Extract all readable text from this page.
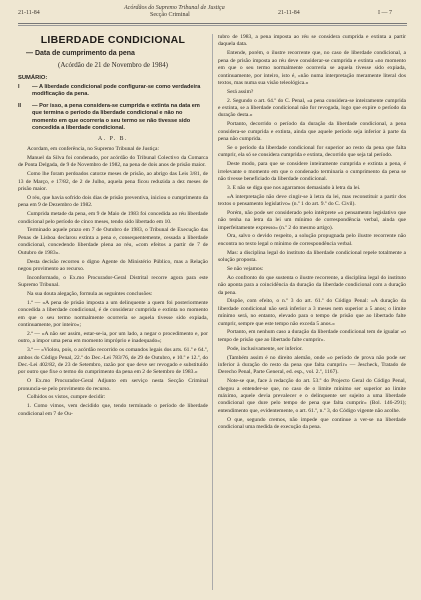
21-11-84
Acórdãos do Supremo Tribunal de Justiça
Secção Criminal	21-11-84	I — 7
LIBERDADE CONDICIONAL
— Data de cumprimento da pena
(Acórdão de 21 de Novembro de 1984)
SUMÁRIO:
I	— A liberdade condicional pode configurar-se como verdadeira modificação da pena.
II	— Por isso, a pena considera-se cumprida e extinta na data em que termina o período da liberdade condicional e não no momento em que ocorreria o seu termo se não tivesse sido concedida a liberdade condicional.
A. P. B.

Acordam, em conferência, no Supremo Tribunal de Justiça:

Manuel da Silva foi condenado, por acórdão do Tribunal Colectivo da Comarca de Ponta Delgada, de 9 de Novembro de 1982, na pena de dois anos de prisão maior.

Como lhe foram perdoados catorze meses de prisão, ao abrigo das Leis 3/81, de 13 de Março, e 17/82, de 2 de Julho, aquela pena ficou reduzida a dez meses de prisão maior.

O réu, que havia sofrido dois dias de prisão preventiva, iniciou o cumprimento da pena em 9 de Dezembro de 1982.

Cumprida metade da pena, em 9 de Maio de 1983 foi concedida ao réu liberdade condicional pelo período de cinco meses, tendo sido libertado em 10.

Terminado aquele prazo em 7 de Outubro de 1983, o Tribunal de Execução das Penas de Lisboa declarou extinta a pena e, consequentemente, cessada a liberdade condicional, concedendo liberdade plena ao réu, «com efeitos a partir de 7 de Outubro de 1983».

Desta decisão recorreu o digno Agente do Ministério Público, mas a Relação negou provimento ao recurso.

Inconformado, o Ex.mo Procurador-Geral Distrital recorre agora para este Supremo Tribunal.

Na sua douta alegação, formula as seguintes conclusões:

1.ª — «A pena de prisão imposta a um delinquente a quem foi posteriormente concedida a liberdade condicional, é de considerar cumprida e extinta no momento em que o seu termo normalmente ocorreria se aquela tivesse sido expiada, continuamente, por inteiro»;

2.ª — «A não ser assim, estar-se-ia, por um lado, a negar o procedimento e, por outro, a impor uma pena em momento impróprio e inadequado»;

3.ª — «Violou, pois, o acórdão recorrido os comandos legais dos arts. 61.º e 64.º, ambos do Código Penal, 22.º do Dec.-Lei 783/76, de 29 de Outubro, e 10.º e 12.º, do Dec.-Lei 402/82, de 23 de Setembro, razão por que deve ser revogado e substituído por outro que fixe o termo do cumprimento da pena em 2 de Setembro de 1983.»

O Ex.mo Procurador-Geral Adjunto em serviço nesta Secção Criminal pronuncia-se pelo provimento do recurso.

Colhidos os vistos, cumpre decidir:

1. Como vimos, vem decidido que, tendo terminado o período de liberdade condicional em 7 de Ou-

tubro de 1983, a pena imposta ao réu se considera cumprida e extinta a partir daquela data.

Entende, porém, o ilustre recorrente que, no caso de liberdade condicional, a pena de prisão imposta ao réu deve considerar-se cumprida e extinta «no momento em que o seu termo normalmente ocorreria se aquela tivesse sido expiada, continuamente, por inteiro, isto é, «não numa interpretação meramente literal dos textos, mas numa sua visão teleológica.»

Será assim?

2. Segundo o art. 64.º do C. Penal, «a pena considera-se inteiramente cumprida e extinta, se a liberdade condicional não for revogada, logo que expire o período da duração desta.»

Portanto, decorrido o período da duração da liberdade condicional, a pena considera-se cumprida e extinta, ainda que aquele período seja inferior à parte da pena não cumprida.

Se o período da liberdade condicional for superior ao resto da pena que falta cumprir, ela só se considera cumprida e extinta, decorrido que seja tal período.

Deste modo, para que se considere inteiramente cumprida e extinta a pena, é irrelevante o momento em que o condenado terminaria o cumprimento da pena se não tivesse beneficiado da liberdade condicional.

3. E não se diga que nos agarramos demasiado à letra da lei.

«A interpretação não deve cingir-se à letra da lei, mas reconstituir a partir dos textos o pensamento legislativo» (n.º 1 do art. 9.º do C. Civil).

Porém, não pode ser considerado pelo intérprete «o pensamento legislativo que não tenha na letra da lei um mínimo de correspondência verbal, ainda que imperfeitamente expresso» (n.º 2 do mesmo artigo).

Ora, salvo o devido respeito, a solução propugnada pelo ilustre recorrente não encontra no texto legal o mínimo de correspondência verbal.

Mas: a disciplina legal do instituto da liberdade condicional repele totalmente a solução proposta.

Se não vejamos:

Ao confronto do que sustenta o ilustre recorrente, a disciplina legal do instituto não aponta para a coincidência da duração da liberdade condicional com a duração da pena.

Dispõe, com efeito, o n.º 3 do art. 61.º do Código Penal: «A duração da liberdade condicional não será inferior a 3 meses nem superior a 5 anos; o limite mínimo será, no entanto, elevado para o tempo de prisão que ao libertado falte cumprir, sempre que este tempo não exceda 5 anos.»

Portanto, em nenhum caso a duração da liberdade condicional tem de igualar «o tempo de prisão que ao libertado falte cumprir».

Pode, inclusivamente, ser inferior.

(Também assim é no direito alemão, onde «o período de prova não pode ser inferior à duração do resto da pena que falta cumprir» — Jescheck, Tratado de Derecho Penal, Parte General, ed. esp., vol. 2.º, 1167).

Note-se que, face à redacção do art. 53.º do Projecto Geral do Código Penal, chegou a entender-se que, no caso de o limite mínimo ser superior ao limite máximo, aquele devia prevalecer e o delinquente ser sujeito a uma liberdade condicional que dure pelo tempo de pena que falta cumprir» (Bol. 146-291); entendimento que, evidentemente, o art. 61.º, n.º 3, do Código vigente não acolhe.

O que, segundo cremos, não impede que continue a ver-se na liberdade condicional uma medida de execução da pena.
